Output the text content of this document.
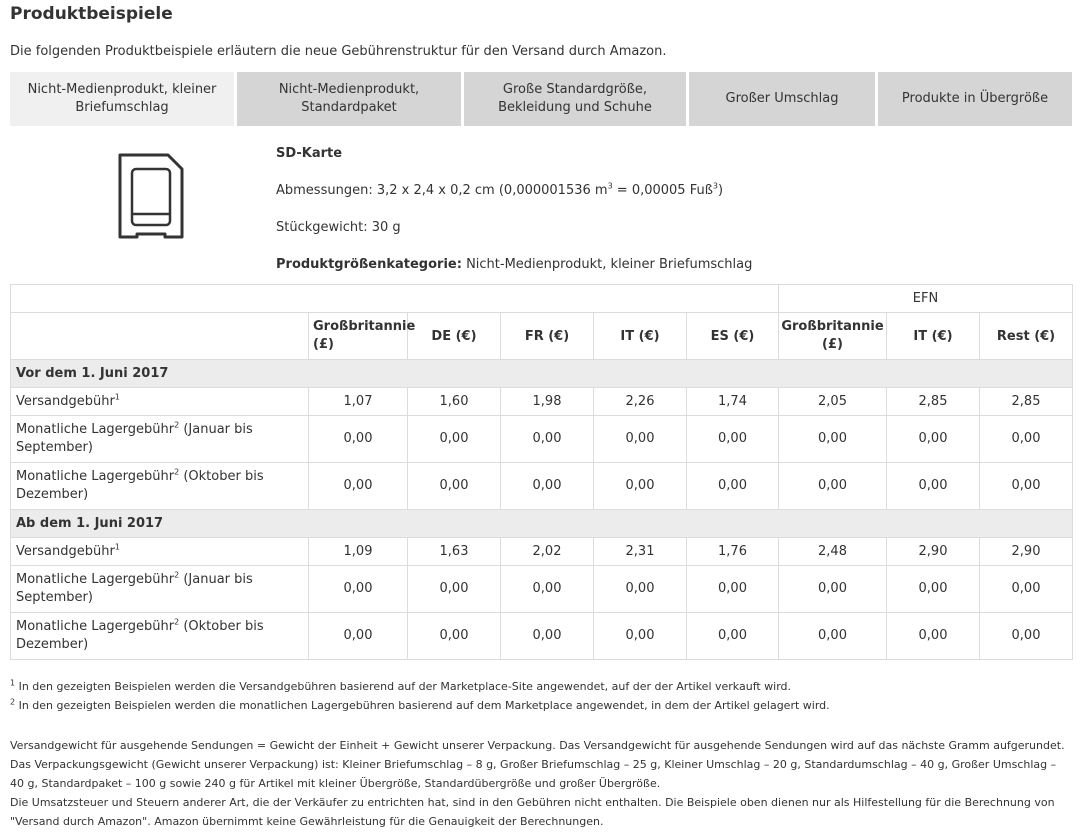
Produktbeispiele
Die folgenden Produktbeispiele erläutern die neue Gebührenstruktur für den Versand durch Amazon.
Nicht-Medienprodukt, kleiner Briefumschlag
Nicht-Medienprodukt, Standardpaket
Große Standardgröße, Bekleidung und Schuhe
Großer Umschlag	Produkte in Übergröße
SD-Karte
Abmessungen: 3,2 x 2,4 x 0,2 cm (0,000001536 $m^3 = 0,00005$ Fuß$^3$)
Stückgewicht: 30 g
Produktgrößenkategorie: Nicht-Medienprodukt, kleiner Briefumschlag
						EFN		
	Großbritannie (£)	DE (€)	FR (€)	IT (€)	ES (€)	Großbritannie (£)	IT (€)	Rest (€)
Vor dem 1. Juni 2017								
Versandgebühr$^1$	1,07	1,60	1,98	2,26	1,74	2,05	2,85	2,85
Monatliche Lagergebühr$^2$ (Januar bis September)	0,00	0,00	0,00	0,00	0,00	0,00	0,00	0,00
Monatliche Lagergebühr$^2$ (Oktober bis Dezember)	0,00	0,00	0,00	0,00	0,00	0,00	0,00	0,00
Ab dem 1. Juni 2017								
Versandgebühr$^1$	1,09	1,63	2,02	2,31	1,76	2,48	2,90	2,90
Monatliche Lagergebühr$^2$ (Januar bis September)	0,00	0,00	0,00	0,00	0,00	0,00	0,00	0,00
Monatliche Lagergebühr$^2$ (Oktober bis Dezember)	0,00	0,00	0,00	0,00	0,00	0,00	0,00	0,00
$^1$ In den gezeigten Beispielen werden die Versandgebühren basierend auf der Marketplace-Site angewendet, auf der der Artikel verkauft wird.
$^2$ In den gezeigten Beispielen werden die monatlichen Lagergebühren basierend auf dem Marketplace angewendet, in dem der Artikel gelagert wird.

Versandgewicht für ausgehende Sendungen = Gewicht der Einheit + Gewicht unserer Verpackung. Das Versandgewicht für ausgehende Sendungen wird auf das nächste Gramm aufgerundet. Das Verpackungsgewicht (Gewicht unserer Verpackung) ist: Kleiner Briefumschlag – 8 g, Großer Briefumschlag – 25 g, Kleiner Umschlag – 20 g, Standardumschlag – 40 g, Großer Umschlag – 40 g, Standardpaket – 100 g sowie 240 g für Artikel mit kleiner Übergröße, Standardübergröße und großer Übergröße.

Die Umsatzsteuer und Steuern anderer Art, die der Verkäufer zu entrichten hat, sind in den Gebühren nicht enthalten. Die Beispiele oben dienen nur als Hilfestellung für die Berechnung von "Versand durch Amazon". Amazon übernimmt keine Gewährleistung für die Genauigkeit der Berechnungen.
